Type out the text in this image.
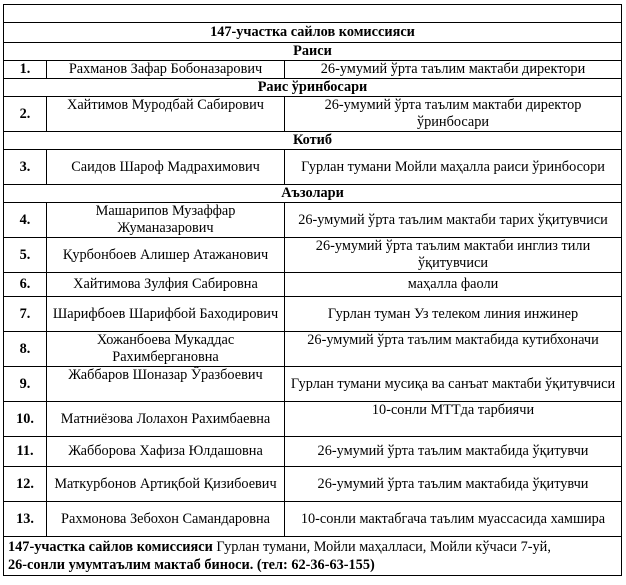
147-участка сайлов комиссияси		
Раиси		
1.	Рахманов Зафар Бобоназарович	26-умумий ўрта таълим мактаби директори
Раис ўринбосари		
2.	Хайтимов Муродбай Сабирович	26-умумий ўрта таълим мактаби директор ўринбосари
Котиб		
3.	Саидов Шароф Мадрахимович	Гурлан тумани Мойли маҳалла раиси ўринбосори
Аъзолари		
4.	Машарипов Музаффар Жуманазарович	26-умумий ўрта таълим мактаби тарих ўқитувчиси
5.	Қурбонбоев Алишер Атажанович	26-умумий ўрта таълим мактаби инглиз тили ўқитувчиси
6.	Хайтимова Зулфия Сабировна	маҳалла фаоли
7.	Шарифбоев Шарифбой Баходирович	Гурлан туман Уз телеком линия инжинер
8.	Хожанбоева Мукаддас Рахимбергановна	26-умумий ўрта таълим мактабида кутибхоначи
9.	Жаббаров Шоназар Ўразбоевич	Гурлан тумани мусиқа ва санъат мактаби ўқитувчиси
10.	Матниёзова Лолахон Рахимбаевна	10-сонли МТТда тарбиячи
11.	Жабборова Хафиза Юлдашовна	26-умумий ўрта таълим мактабида ўқитувчи
12.	Маткурбонов Артиқбой Қизибоевич	26-умумий ўрта таълим мактабида ўқитувчи
13.	Рахмонова Зебохон Самандаровна	10-сонли мактабгача таълим муассасида хамшира
147-участка сайлов комиссияси Гурлан тумани, Мойли маҳалласи, Мойли кўчаси 7-уй,
26-сонли умумтаълим мактаб биноси. (тел: 62-36-63-155)		
